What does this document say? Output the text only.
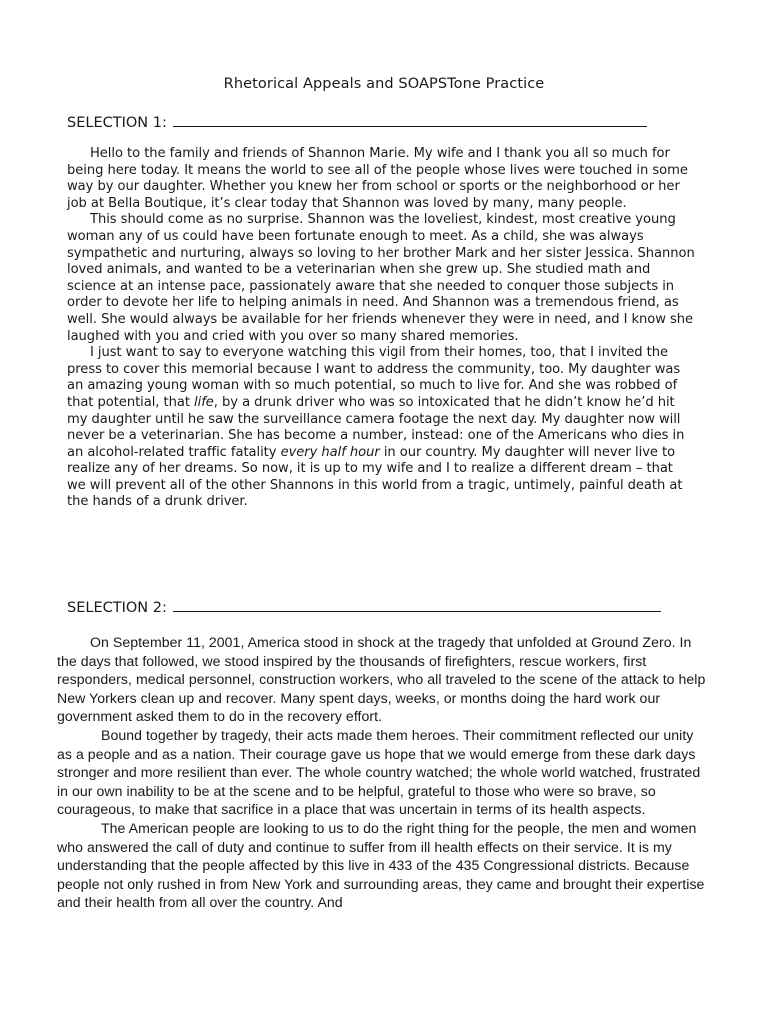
Rhetorical Appeals and SOAPSTone Practice
SELECTION 1:

Hello to the family and friends of Shannon Marie. My wife and I thank you all so much for being here today. It means the world to see all of the people whose lives were touched in some way by our daughter. Whether you knew her from school or sports or the neighborhood or her job at Bella Boutique, it’s clear today that Shannon was loved by many, many people.

This should come as no surprise. Shannon was the loveliest, kindest, most creative young woman any of us could have been fortunate enough to meet. As a child, she was always sympathetic and nurturing, always so loving to her brother Mark and her sister Jessica. Shannon loved animals, and wanted to be a veterinarian when she grew up. She studied math and science at an intense pace, passionately aware that she needed to conquer those subjects in order to devote her life to helping animals in need. And Shannon was a tremendous friend, as well. She would always be available for her friends whenever they were in need, and I know she laughed with you and cried with you over so many shared memories.

I just want to say to everyone watching this vigil from their homes, too, that I invited the press to cover this memorial because I want to address the community, too. My daughter was an amazing young woman with so much potential, so much to live for. And she was robbed of that potential, that life, by a drunk driver who was so intoxicated that he didn’t know he’d hit my daughter until he saw the surveillance camera footage the next day. My daughter now will never be a veterinarian. She has become a number, instead: one of the Americans who dies in an alcohol-related traffic fatality every half hour in our country. My daughter will never live to realize any of her dreams. So now, it is up to my wife and I to realize a different dream – that we will prevent all of the other Shannons in this world from a tragic, untimely, painful death at the hands of a drunk driver.

SELECTION 2:

On September 11, 2001, America stood in shock at the tragedy that unfolded at Ground Zero. In the days that followed, we stood inspired by the thousands of firefighters, rescue workers, first responders, medical personnel, construction workers, who all traveled to the scene of the attack to help New Yorkers clean up and recover. Many spent days, weeks, or months doing the hard work our government asked them to do in the recovery effort.

Bound together by tragedy, their acts made them heroes. Their commitment reflected our unity as a people and as a nation. Their courage gave us hope that we would emerge from these dark days stronger and more resilient than ever. The whole country watched; the whole world watched, frustrated in our own inability to be at the scene and to be helpful, grateful to those who were so brave, so courageous, to make that sacrifice in a place that was uncertain in terms of its health aspects.

The American people are looking to us to do the right thing for the people, the men and women who answered the call of duty and continue to suffer from ill health effects on their service. It is my understanding that the people affected by this live in 433 of the 435 Congressional districts. Because people not only rushed in from New York and surrounding areas, they came and brought their expertise and their health from all over the country. And
